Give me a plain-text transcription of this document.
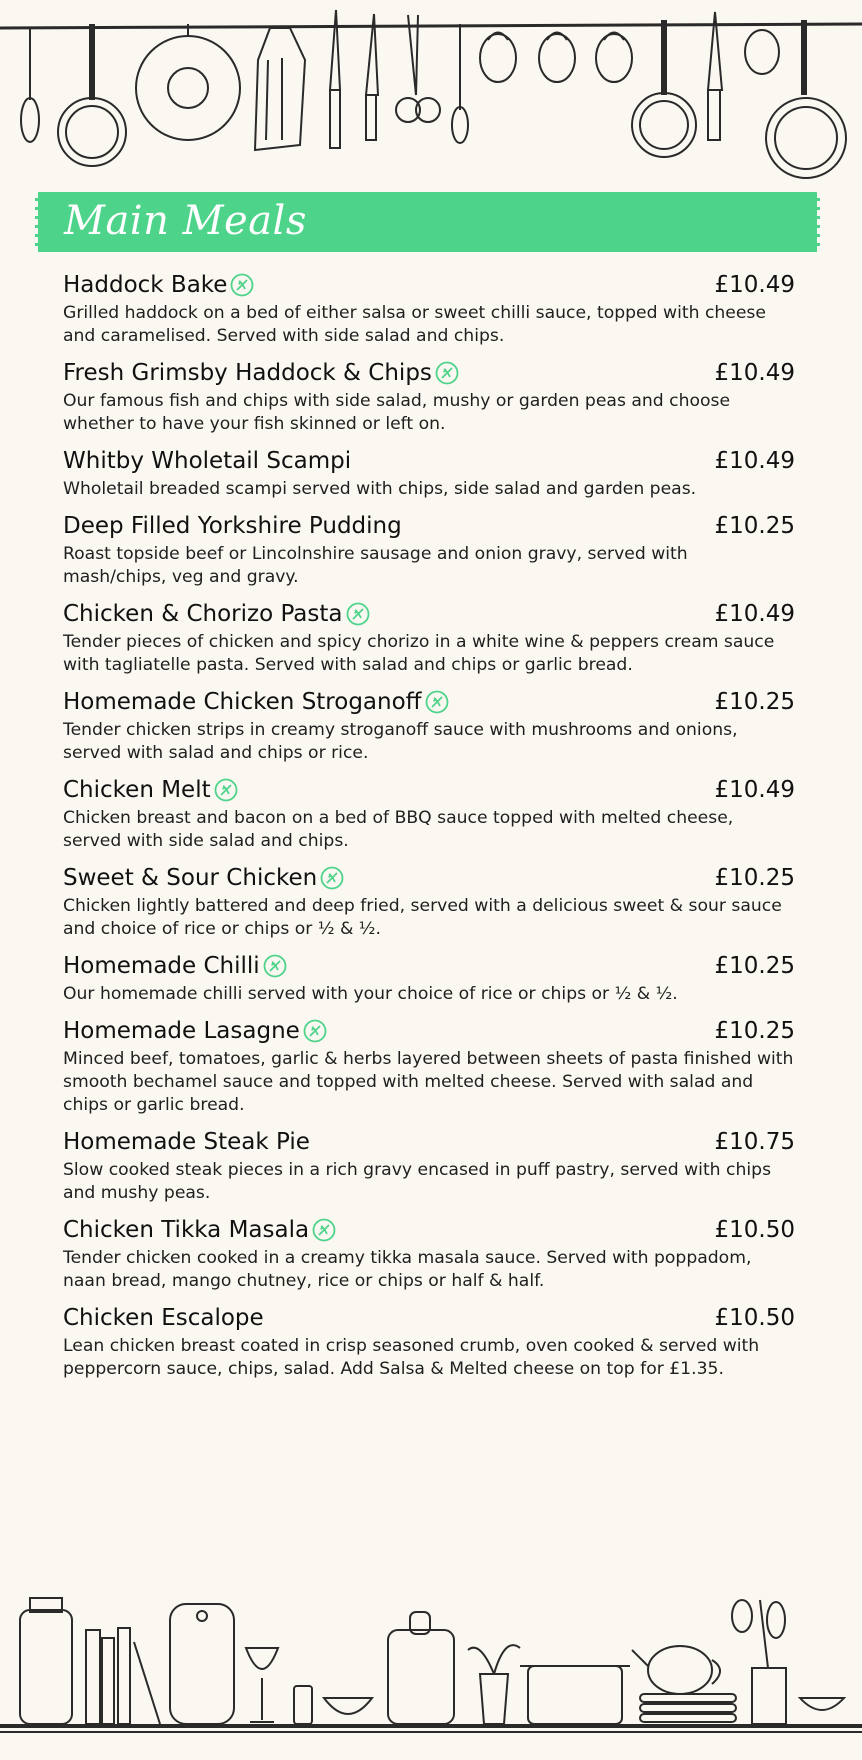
Main Meals
Haddock Bake	£10.49
Grilled haddock on a bed of either salsa or sweet chilli sauce, topped with cheese and caramelised. Served with side salad and chips.
Fresh Grimsby Haddock & Chips	£10.49
Our famous fish and chips with side salad, mushy or garden peas and choose whether to have your fish skinned or left on.
Whitby Wholetail Scampi	£10.49
Wholetail breaded scampi served with chips, side salad and garden peas.
Deep Filled Yorkshire Pudding	£10.25
Roast topside beef or Lincolnshire sausage and onion gravy, served with mash/chips, veg and gravy.
Chicken & Chorizo Pasta	£10.49
Tender pieces of chicken and spicy chorizo in a white wine & peppers cream sauce with tagliatelle pasta. Served with salad and chips or garlic bread.
Homemade Chicken Stroganoff	£10.25
Tender chicken strips in creamy stroganoff sauce with mushrooms and onions, served with salad and chips or rice.
Chicken Melt	£10.49
Chicken breast and bacon on a bed of BBQ sauce topped with melted cheese, served with side salad and chips.
Sweet & Sour Chicken	£10.25
Chicken lightly battered and deep fried, served with a delicious sweet & sour sauce and choice of rice or chips or ½ & ½.
Homemade Chilli	£10.25
Our homemade chilli served with your choice of rice or chips or ½ & ½.
Homemade Lasagne	£10.25
Minced beef, tomatoes, garlic & herbs layered between sheets of pasta finished with smooth bechamel sauce and topped with melted cheese. Served with salad and chips or garlic bread.
Homemade Steak Pie	£10.75
Slow cooked steak pieces in a rich gravy encased in puff pastry, served with chips and mushy peas.
Chicken Tikka Masala	£10.50
Tender chicken cooked in a creamy tikka masala sauce. Served with poppadom, naan bread, mango chutney, rice or chips or half & half.
Chicken Escalope	£10.50
Lean chicken breast coated in crisp seasoned crumb, oven cooked & served with peppercorn sauce, chips, salad. Add Salsa & Melted cheese on top for £1.35.
